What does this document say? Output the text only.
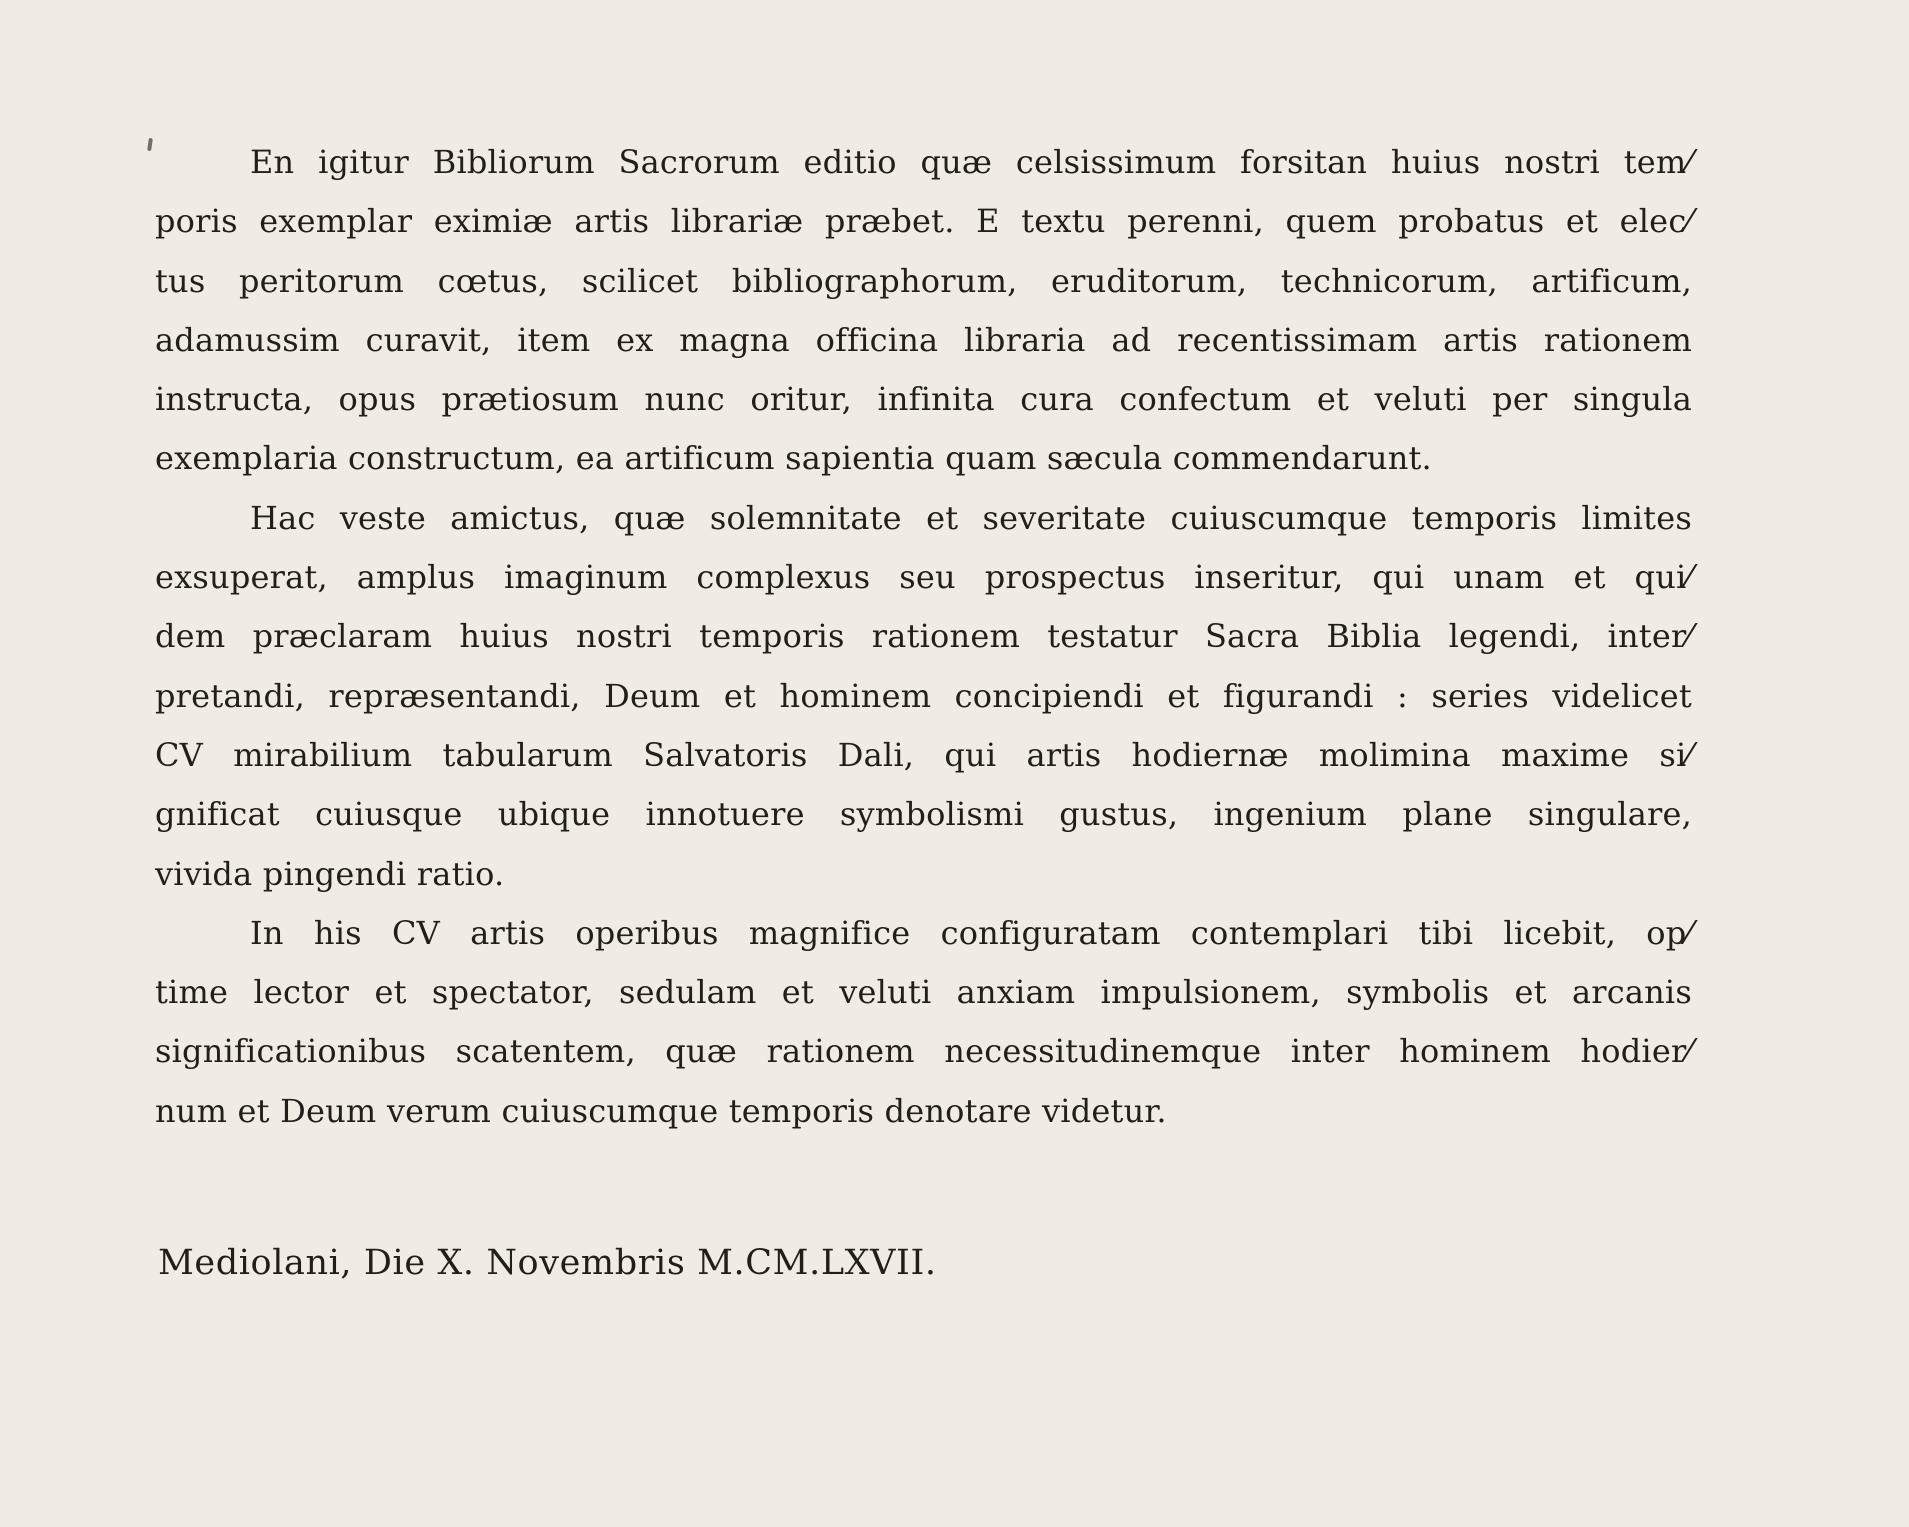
En igitur Bibliorum Sacrorum editio quæ celsissimum forsitan huius nostri tem⁄
poris exemplar eximiæ artis librariæ præbet. E textu perenni, quem probatus et elec⁄
tus peritorum cœtus, scilicet bibliographorum, eruditorum, technicorum, artificum,
adamussim curavit, item ex magna officina libraria ad recentissimam artis rationem
instructa, opus prætiosum nunc oritur, infinita cura confectum et veluti per singula
exemplaria constructum, ea artificum sapientia quam sæcula commendarunt.
Hac veste amictus, quæ solemnitate et severitate cuiuscumque temporis limites
exsuperat, amplus imaginum complexus seu prospectus inseritur, qui unam et qui⁄
dem præclaram huius nostri temporis rationem testatur Sacra Biblia legendi, inter⁄
pretandi, repræsentandi, Deum et hominem concipiendi et figurandi : series videlicet
CV mirabilium tabularum Salvatoris Dali, qui artis hodiernæ molimina maxime si⁄
gnificat cuiusque ubique innotuere symbolismi gustus, ingenium plane singulare,
vivida pingendi ratio.
In his CV artis operibus magnifice configuratam contemplari tibi licebit, op⁄
time lector et spectator, sedulam et veluti anxiam impulsionem, symbolis et arcanis
significationibus scatentem, quæ rationem necessitudinemque inter hominem hodier⁄
num et Deum verum cuiuscumque temporis denotare videtur.
Mediolani, Die X. Novembris M.CM.LXVII.
